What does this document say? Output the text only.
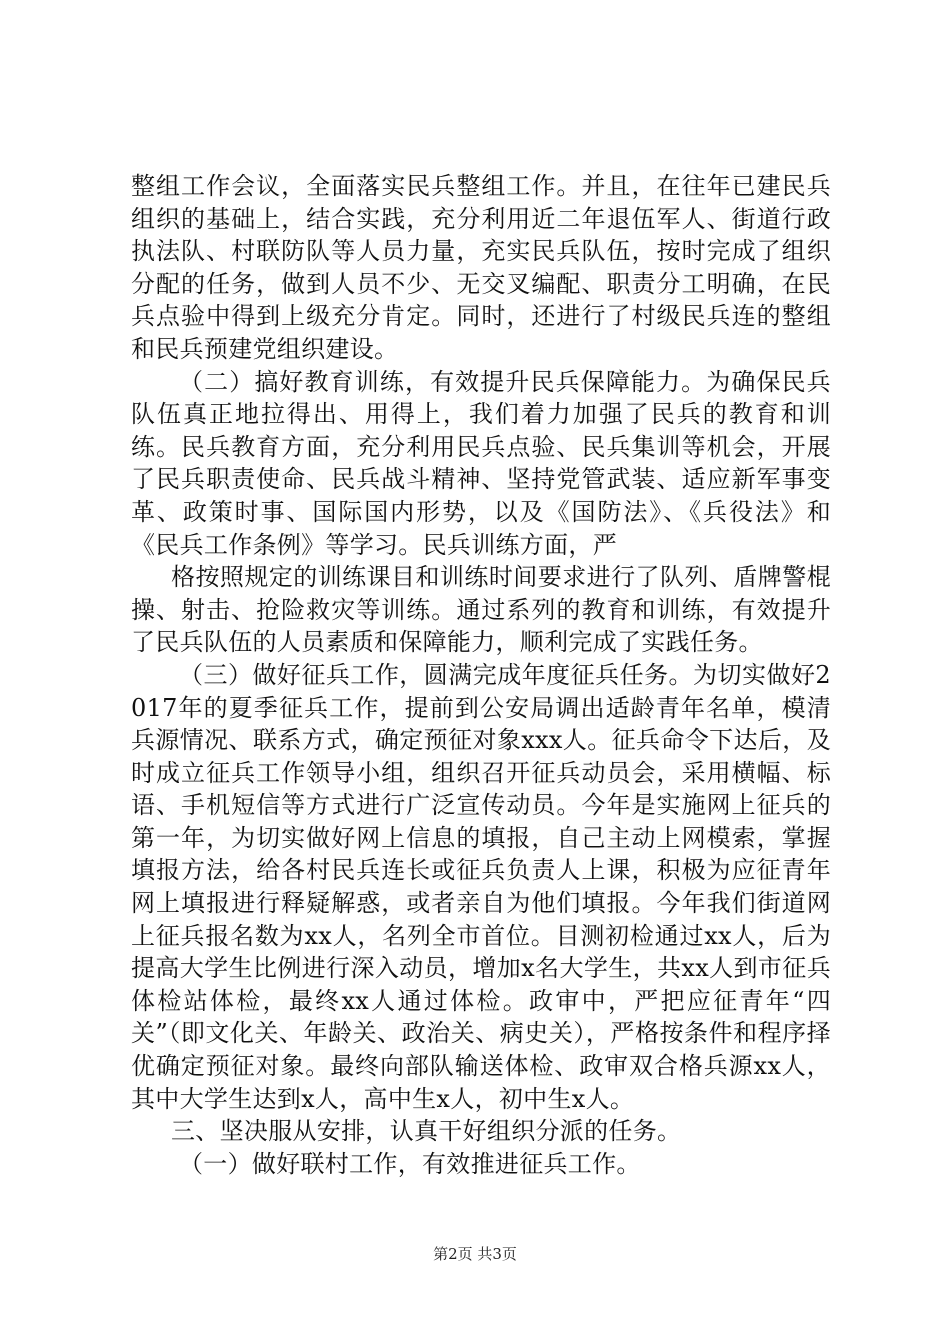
整组工作会议，全面落实民兵整组工作。并且，在往年已建民兵组织的基础上，结合实践，充分利用近二年退伍军人、街道行政执法队、村联防队等人员力量，充实民兵队伍，按时完成了组织分配的任务，做到人员不少、无交叉编配、职责分工明确，在民兵点验中得到上级充分肯定。同时，还进行了村级民兵连的整组和民兵预建党组织建设。

（二）搞好教育训练，有效提升民兵保障能力。为确保民兵队伍真正地拉得出、用得上，我们着力加强了民兵的教育和训练。民兵教育方面，充分利用民兵点验、民兵集训等机会，开展了民兵职责使命、民兵战斗精神、坚持党管武装、适应新军事变革、政策时事、国际国内形势，以及《国防法》、《兵役法》和《民兵工作条例》等学习。民兵训练方面，严

格按照规定的训练课目和训练时间要求进行了队列、盾牌警棍操、射击、抢险救灾等训练。通过系列的教育和训练，有效提升了民兵队伍的人员素质和保障能力，顺利完成了实践任务。

（三）做好征兵工作，圆满完成年度征兵任务。为切实做好2017年的夏季征兵工作，提前到公安局调出适龄青年名单，模清兵源情况、联系方式，确定预征对象xxx人。征兵命令下达后，及时成立征兵工作领导小组，组织召开征兵动员会，采用横幅、标语、手机短信等方式进行广泛宣传动员。今年是实施网上征兵的第一年，为切实做好网上信息的填报，自己主动上网模索，掌握填报方法，给各村民兵连长或征兵负责人上课，积极为应征青年网上填报进行释疑解惑，或者亲自为他们填报。今年我们街道网上征兵报名数为xx人，名列全市首位。目测初检通过xx人，后为提高大学生比例进行深入动员，增加x名大学生，共xx人到市征兵体检站体检，最终xx人通过体检。政审中，严把应征青年“四关”（即文化关、年龄关、政治关、病史关），严格按条件和程序择优确定预征对象。最终向部队输送体检、政审双合格兵源xx人，其中大学生达到x人，高中生x人，初中生x人。

三、坚决服从安排，认真干好组织分派的任务。

（一）做好联村工作，有效推进征兵工作。

第2页 共3页
